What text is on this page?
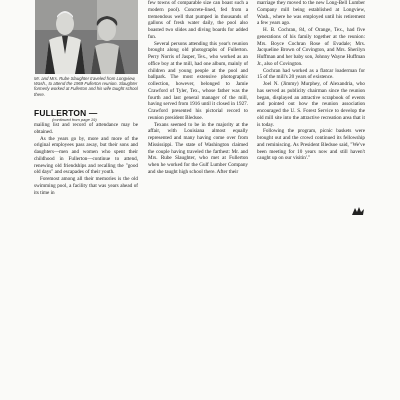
Mr. and Mrs. Rube Slaughter traveled from Longview, Wash., to attend the 1969 Fullerton reunion. Slaughter formerly worked at Fullerton and his wife taught school there.
FULLERTON —
(continued from page 19)

mailing list and record of attendance may be obtained.

As the years go by, more and more of the original employees pass away, but their sons and daughters—men and women who spent their childhood in Fullerton—continue to attend, renewing old friendships and recalling the "good old days" and escapades of their youth.

Foremost among all their memories is the old swimming pool, a facility that was years ahead of its time in

few towns of comparable size can boast such a modern pool). Concrete-lined, fed from a tremendous well that pumped in thousands of gallons of fresh water daily, the pool also boasted two slides and diving boards for added fun.

Several persons attending this year's reunion brought along old photographs of Fullerton. Perry Norris of Jasper, Tex., who worked as an office boy at the mill, had one album, mainly of children and young people at the pool and ballpark. The most extensive photographic collection, however, belonged to Jamie Crawford of Tyler, Tex., whose father was the fourth and last general manager of the mill, having served from 1916 until it closed in 1927. Crawford presented his pictorial record to reunion president Bledsoe.

Texans seemed to be in the majority at the affair, with Louisiana almost equally represented and many having come over from Mississippi. The state of Washington claimed the couple having traveled the farthest: Mr. and Mrs. Rube Slaughter, who met at Fullerton when he worked for the Gulf Lumber Company and she taught high school there. After their

marriage they moved to the new Long-Bell Lumber Company mill being established at Longview, Wash., where he was employed until his retirement a few years ago.

H. B. Cochran, 84, of Orange, Tex., had five generations of his family together at the reunion: Mrs. Boyce Cochran Rose of Evadale; Mrs. Jacqueline Brown of Covington, and Mrs. Sherilyn Huffman and her baby son, Johnny Wayne Huffman Jr., also of Covington.

Cochran had worked as a flatcar loaderman for 15 of the mill's 20 years of existence.

Joel N. (Jimmy) Murphey, of Alexandria, who has served as publicity chairman since the reunion began, displayed an attractive scrapbook of events and pointed out how the reunion association encouraged the U. S. Forest Service to develop the old mill site into the attractive recreation area that it is today.

Following the program, picnic baskets were brought out and the crowd continued its fellowship and reminiscing. As President Bledsoe said, "We've been meeting for 10 years now and still haven't caught up on our visitin'."
